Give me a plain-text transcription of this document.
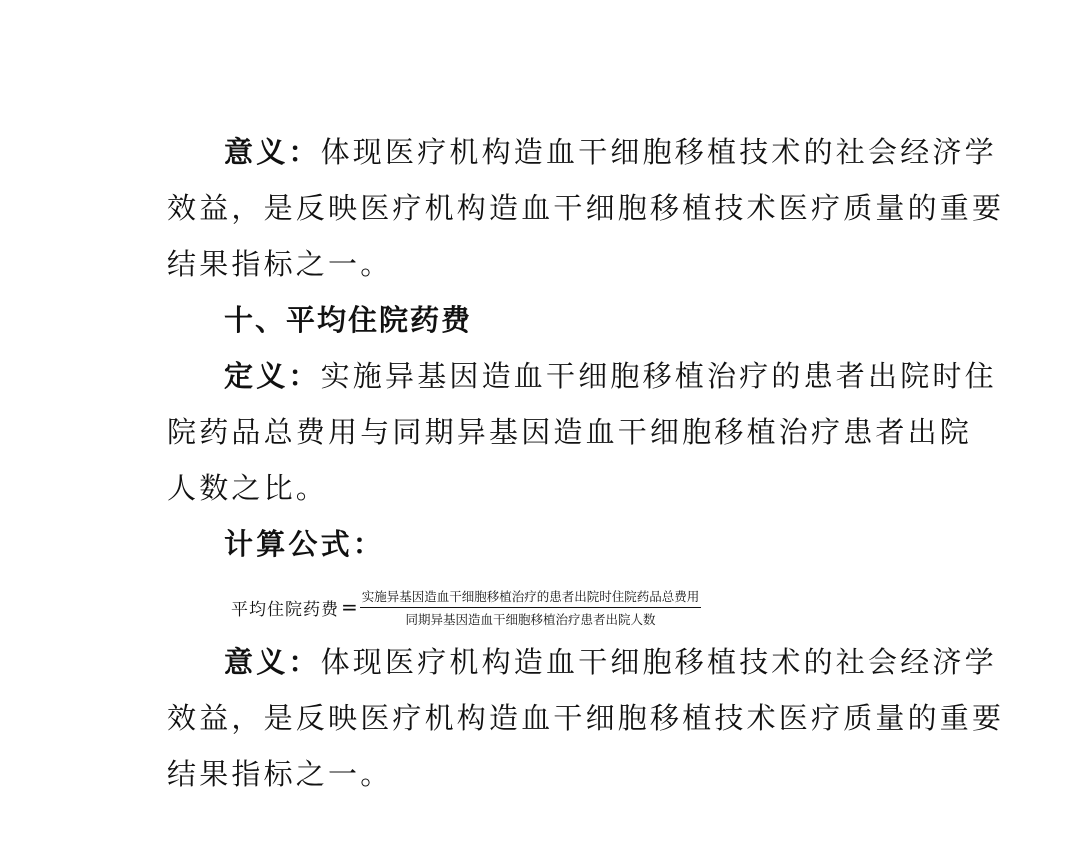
意义：体现医疗机构造血干细胞移植技术的社会经济学
效益，是反映医疗机构造血干细胞移植技术医疗质量的重要
结果指标之一。
十、平均住院药费
定义：实施异基因造血干细胞移植治疗的患者出院时住
院药品总费用与同期异基因造血干细胞移植治疗患者出院
人数之比。
计算公式：
平均住院药费 = $\frac{\text{实施异基因造血干细胞移植治疗的患者出院时住院药品总费用}}{\text{同期异基因造血干细胞移植治疗患者出院人数}}$
意义：体现医疗机构造血干细胞移植技术的社会经济学
效益，是反映医疗机构造血干细胞移植技术医疗质量的重要
结果指标之一。
